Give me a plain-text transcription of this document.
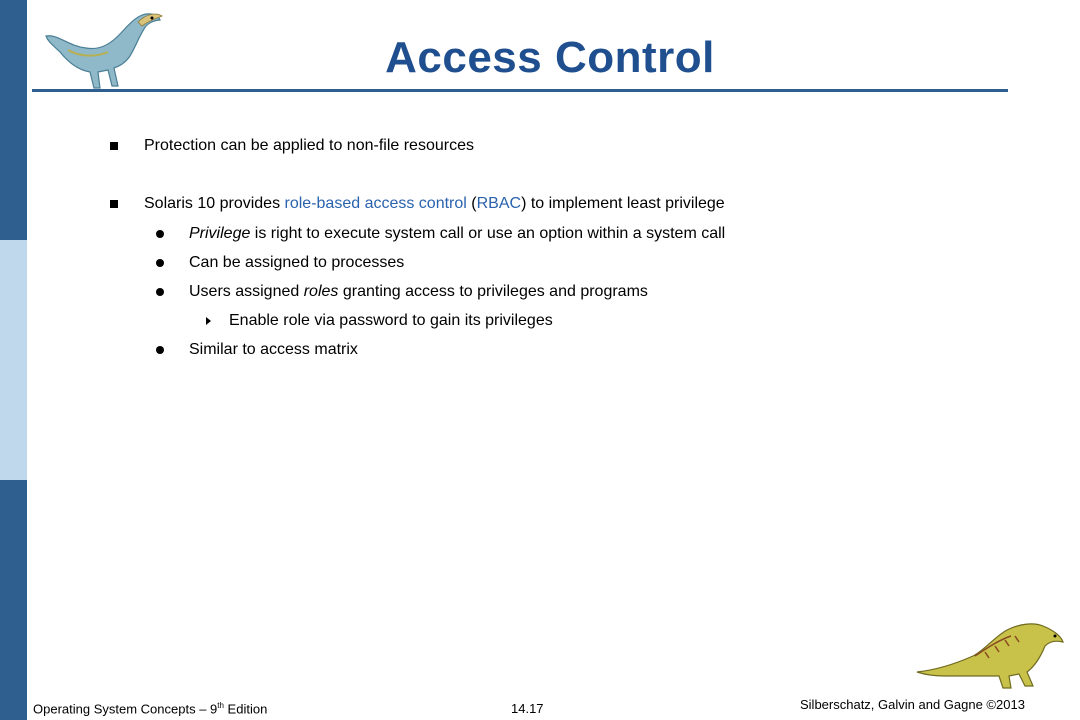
Access Control
Protection can be applied to non-file resources
Solaris 10 provides role-based access control (RBAC) to implement least privilege
Privilege is right to execute system call or use an option within a system call
Can be assigned to processes
Users assigned roles granting access to privileges and programs
Enable role via password to gain its privileges
Similar to access matrix
Operating System Concepts – 9th Edition	14.17	Silberschatz, Galvin and Gagne ©2013
